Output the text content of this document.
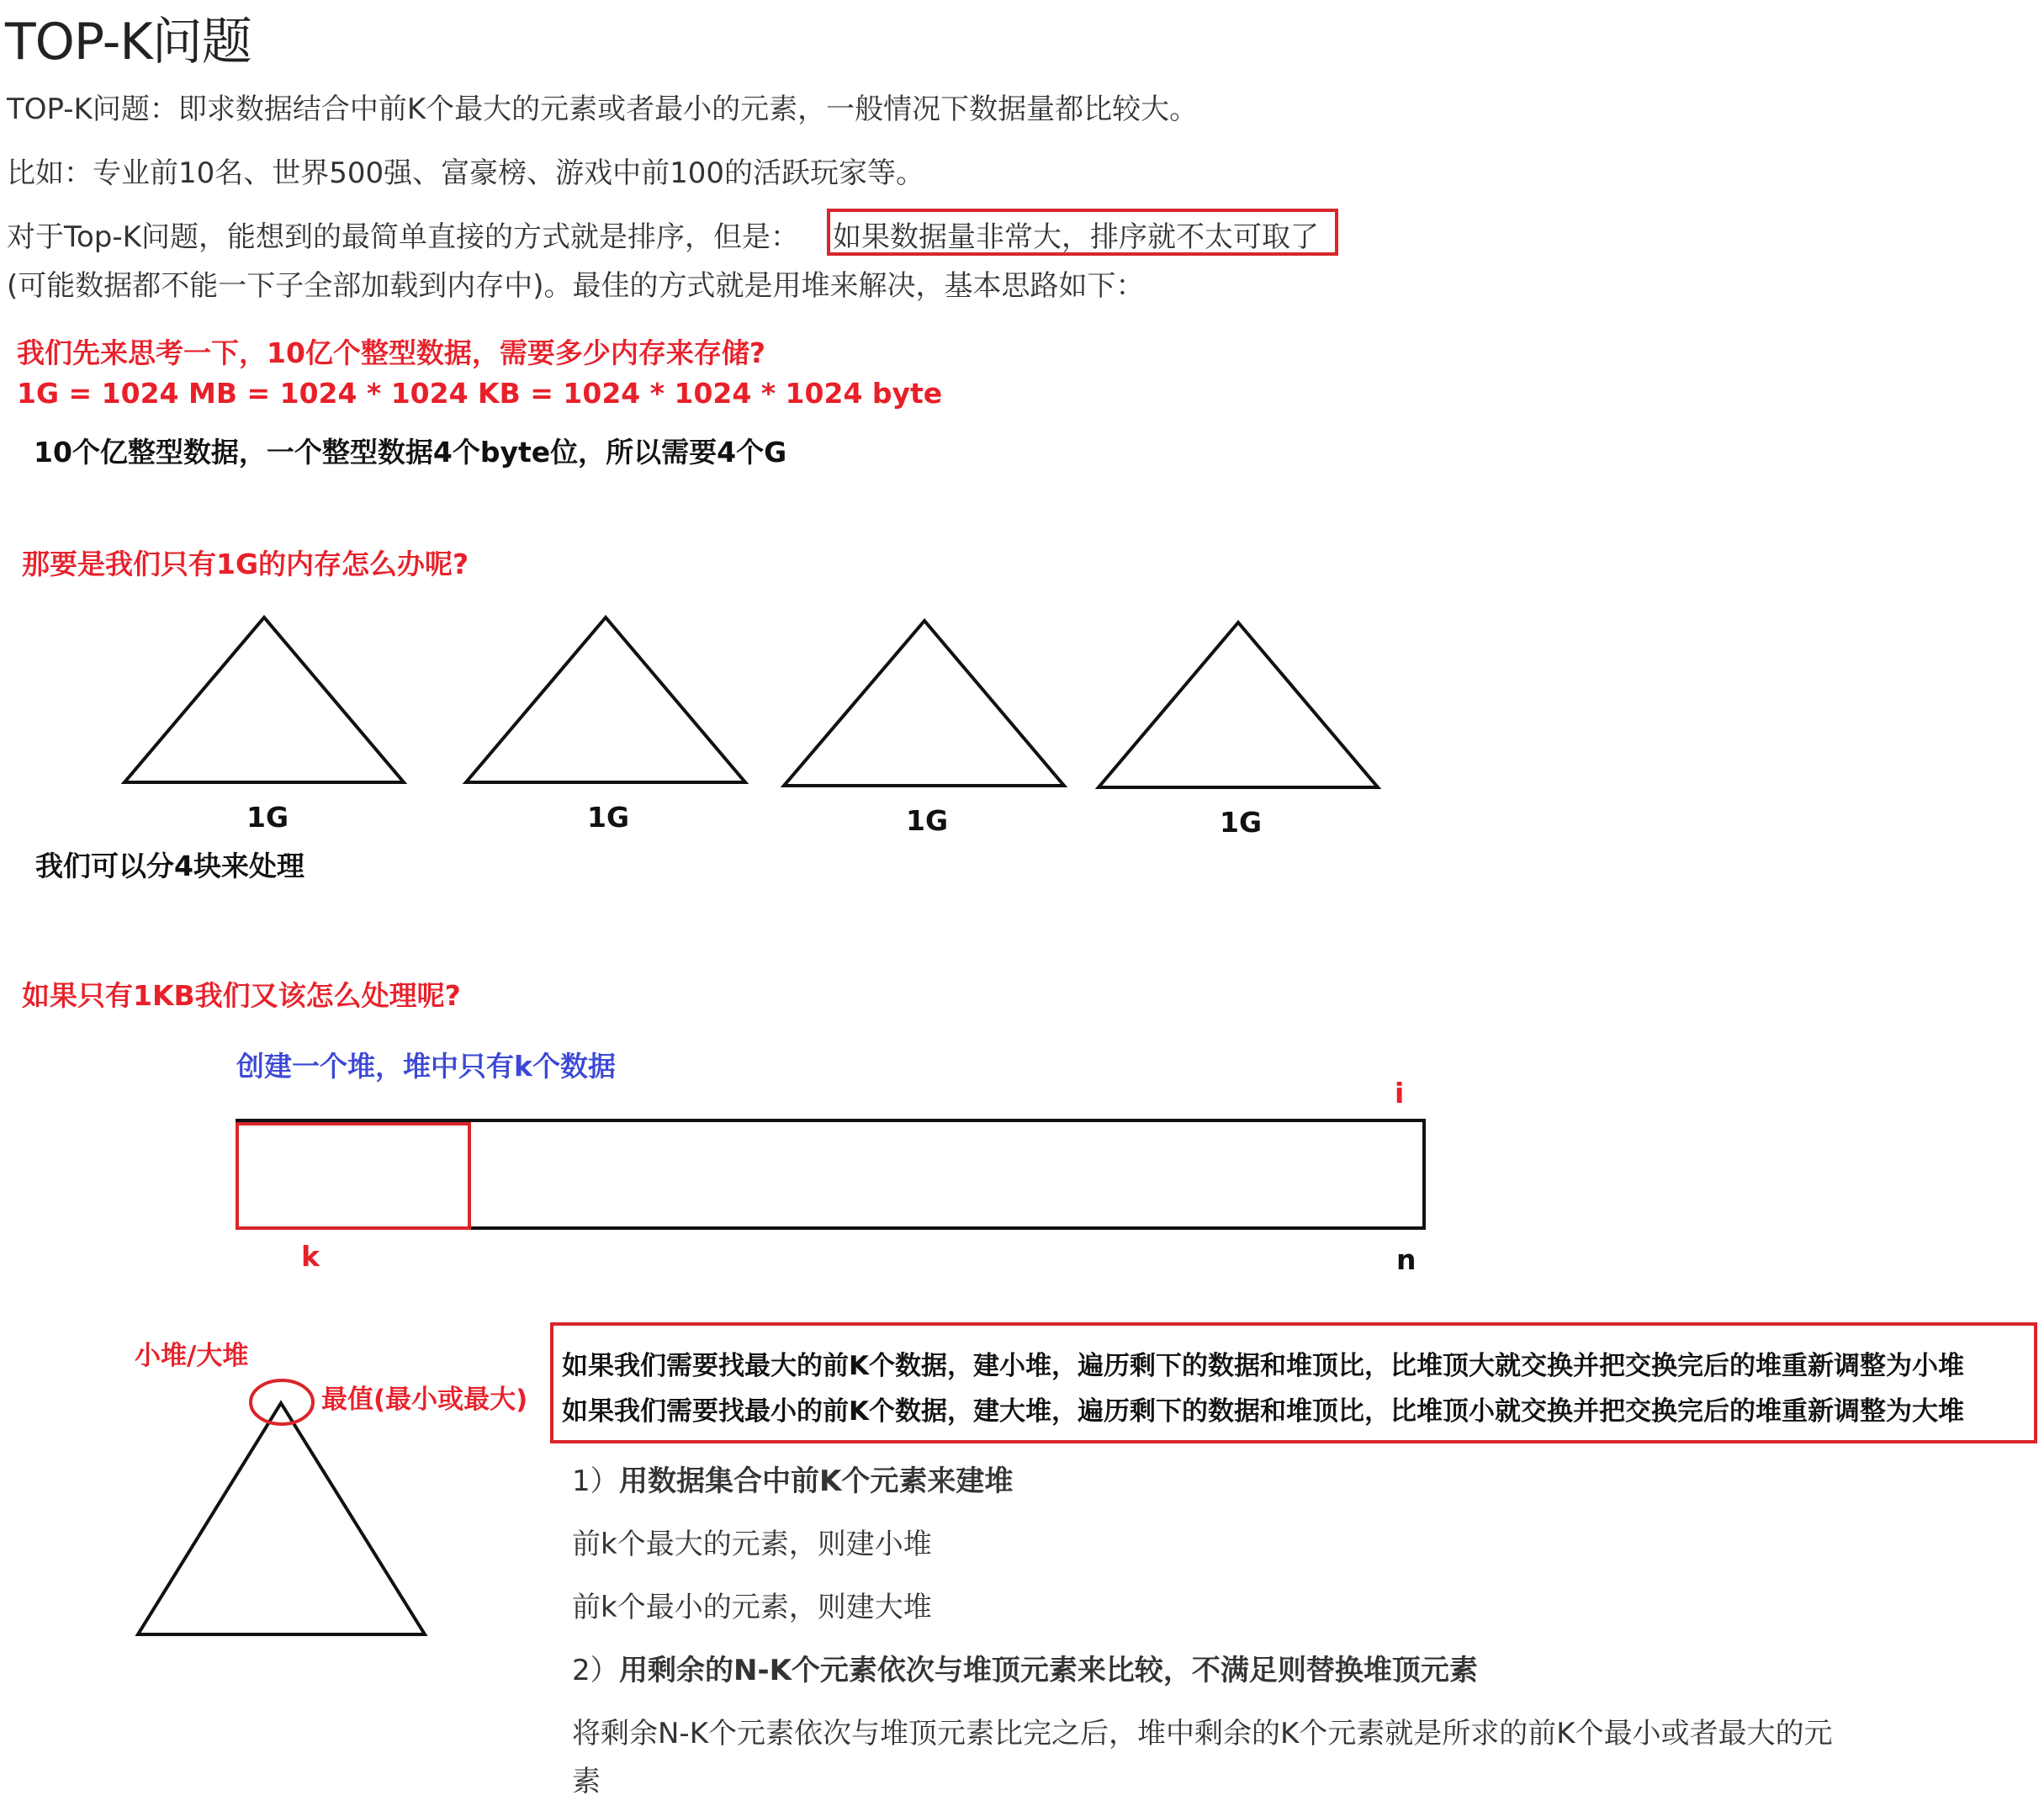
TOP-K问题
TOP-K问题：即求数据结合中前K个最大的元素或者最小的元素，一般情况下数据量都比较大。
比如：专业前10名、世界500强、富豪榜、游戏中前100的活跃玩家等。
对于Top-K问题，能想到的最简单直接的方式就是排序，但是： 如果数据量非常大，排序就不太可取了
(可能数据都不能一下子全部加载到内存中)。最佳的方式就是用堆来解决，基本思路如下：
我们先来思考一下，10亿个整型数据，需要多少内存来存储?
1G = 1024 MB = 1024 * 1024 KB = 1024 * 1024 * 1024 byte
10个亿整型数据，一个整型数据4个byte位，所以需要4个G
那要是我们只有1G的内存怎么办呢?
1G	1G	1G	1G
我们可以分4块来处理
如果只有1KB我们又该怎么处理呢?
创建一个堆，堆中只有k个数据
i
k	n
小堆/大堆
最值(最小或最大)
如果我们需要找最大的前K个数据，建小堆，遍历剩下的数据和堆顶比，比堆顶大就交换并把交换完后的堆重新调整为小堆
如果我们需要找最小的前K个数据，建大堆，遍历剩下的数据和堆顶比，比堆顶小就交换并把交换完后的堆重新调整为大堆
1） 用数据集合中前K个元素来建堆
前k个最大的元素，则建小堆
前k个最小的元素，则建大堆
2） 用剩余的N-K个元素依次与堆顶元素来比较，不满足则替换堆顶元素
将剩余N-K个元素依次与堆顶元素比完之后，堆中剩余的K个元素就是所求的前K个最小或者最大的元
素
